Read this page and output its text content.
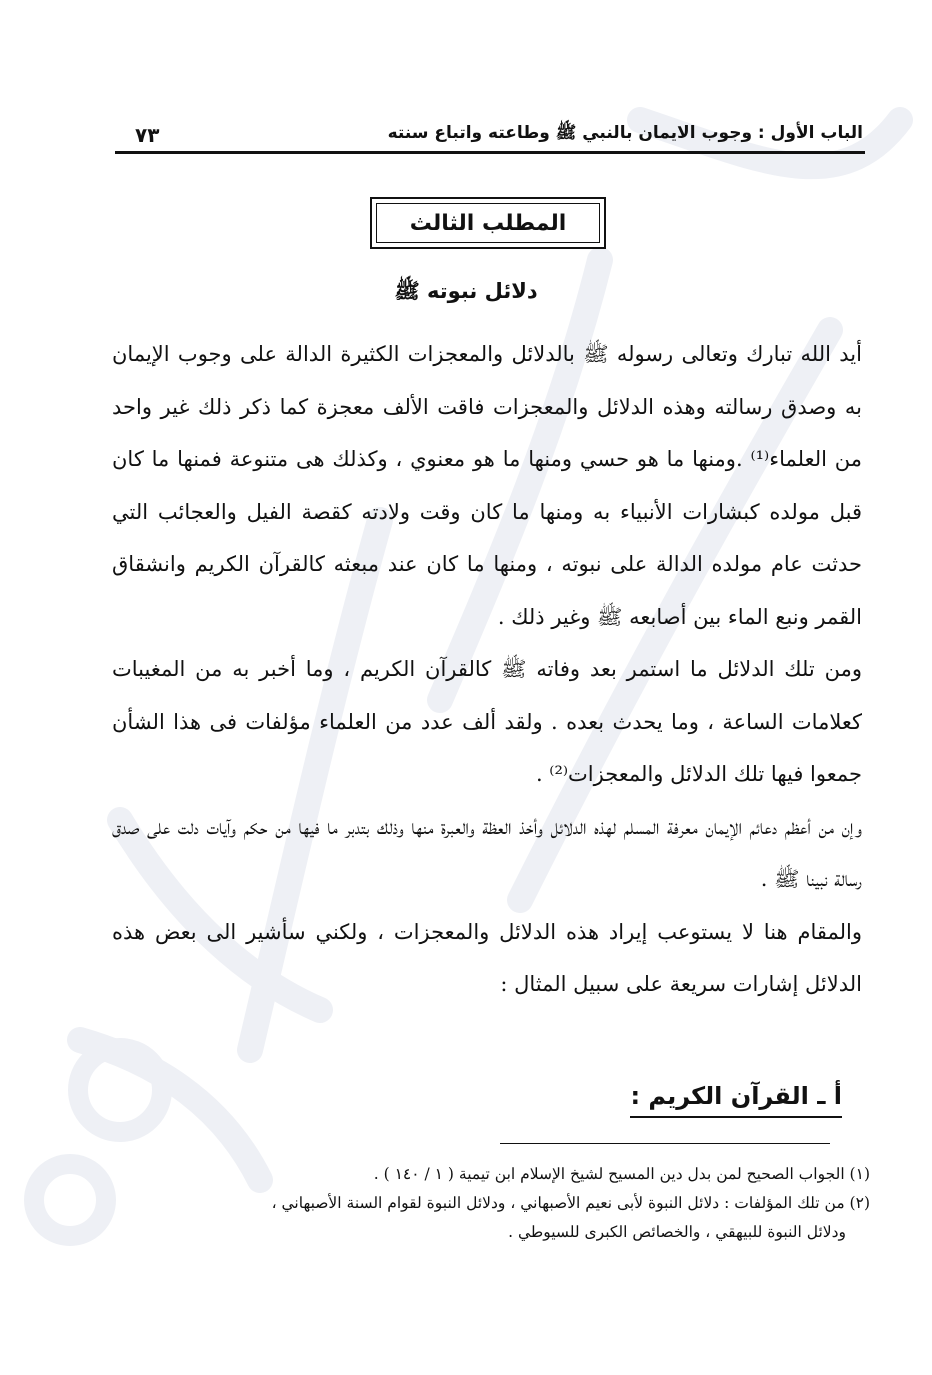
الباب الأول : وجوب الايمان بالنبي ﷺ وطاعته واتباع سنته
٧٣
المطلب الثالث
دلائل نبوته ﷺ

أيد الله تبارك وتعالى رسوله ﷺ بالدلائل والمعجزات الكثيرة الدالة على وجوب الإيمان به وصدق رسالته وهذه الدلائل والمعجزات فاقت الألف معجزة كما ذكر ذلك غير واحد من العلماء⁽¹⁾ .ومنها ما هو حسي ومنها ما هو معنوي ، وكذلك هى متنوعة فمنها ما كان قبل مولده كبشارات الأنبياء به ومنها ما كان وقت ولادته كقصة الفيل والعجائب التي حدثت عام مولده الدالة على نبوته ، ومنها ما كان عند مبعثه كالقرآن الكريم وانشقاق القمر ونبع الماء بين أصابعه ﷺ وغير ذلك .

ومن تلك الدلائل ما استمر بعد وفاته ﷺ كالقرآن الكريم ، وما أخبر به من المغيبات كعلامات الساعة ، وما يحدث بعده . ولقد ألف عدد من العلماء مؤلفات فى هذا الشأن جمعوا فيها تلك الدلائل والمعجزات⁽²⁾ .

وإن من أعظم دعائم الإيمان معرفة المسلم لهذه الدلائل وأخذ العظة والعبرة منها وذلك بتدبر ما فيها من حكم وآيات دلت على صدق رسالة نبينا ﷺ .

والمقام هنا لا يستوعب إيراد هذه الدلائل والمعجزات ، ولكني سأشير الى بعض هذه الدلائل إشارات سريعة على سبيل المثال :

أ ـ القرآن الكريم :
(١) الجواب الصحيح لمن بدل دين المسيح لشيخ الإسلام ابن تيمية ( ١ / ١٤٠ ) .
(٢) من تلك المؤلفات : دلائل النبوة لأبى نعيم الأصبهاني ، ودلائل النبوة لقوام السنة الأصبهاني ،
ودلائل النبوة للبيهقي ، والخصائص الكبرى للسيوطي .
